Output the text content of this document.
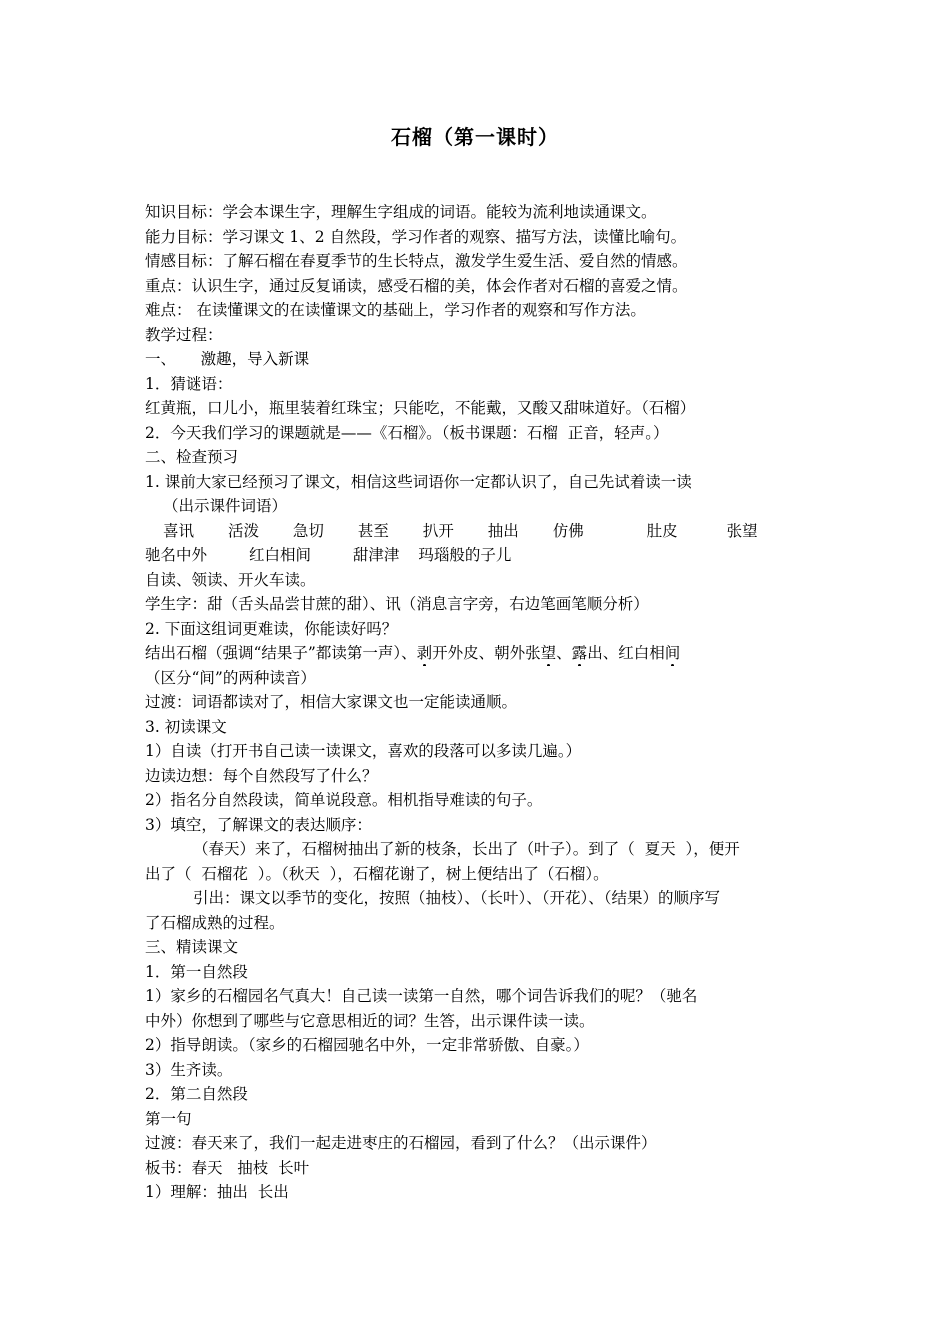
石榴（第一课时）
知识目标：学会本课生字，理解生字组成的词语。能较为流利地读通课文。
能力目标：学习课文 1、2 自然段，学习作者的观察、描写方法，读懂比喻句。
情感目标：了解石榴在春夏季节的生长特点，激发学生爱生活、爱自然的情感。
重点：认识生字，通过反复诵读，感受石榴的美，体会作者对石榴的喜爱之情。
难点： 在读懂课文的在读懂课文的基础上，学习作者的观察和写作方法。
教学过程：
一、     激趣，导入新课
1．猜谜语：
红黄瓶，口儿小，瓶里装着红珠宝；只能吃，不能戴，又酸又甜味道好。（石榴）
2．今天我们学习的课题就是——《石榴》。（板书课题：石榴  正音，轻声。）
二、检查预习
1. 课前大家已经预习了课文，相信这些词语你一定都认识了，自己先试着读一读
（出示课件词语）
喜讯 活泼 急切 甚至 扒开 抽出 仿佛	肚皮	张望
驰名中外	红白相间	甜津津 玛瑙般的子儿
自读、领读、开火车读。
学生字：甜（舌头品尝甘蔗的甜）、讯（消息言字旁，右边笔画笔顺分析）
2. 下面这组词更难读，你能读好吗？
结出石榴（强调“结果子”都读第一声）、剥开外皮、朝外张望、露出、红白相间
（区分“间”的两种读音）
过渡：词语都读对了，相信大家课文也一定能读通顺。
3. 初读课文
1）自读（打开书自己读一读课文，喜欢的段落可以多读几遍。）
边读边想：每个自然段写了什么？
2）指名分自然段读，简单说段意。相机指导难读的句子。
3）填空，了解课文的表达顺序：
（春天）来了，石榴树抽出了新的枝条，长出了（叶子）。到了（  夏天  ），便开
出了（  石榴花  ）。（秋天  ），石榴花谢了，树上便结出了（石榴）。
引出：课文以季节的变化，按照（抽枝）、（长叶）、（开花）、（结果）的顺序写
了石榴成熟的过程。
三、精读课文
1．第一自然段
1）家乡的石榴园名气真大！自己读一读第一自然，哪个词告诉我们的呢？（驰名
中外）你想到了哪些与它意思相近的词？生答，出示课件读一读。
2）指导朗读。（家乡的石榴园驰名中外，一定非常骄傲、自豪。）
3）生齐读。
2．第二自然段
第一句
过渡：春天来了，我们一起走进枣庄的石榴园，看到了什么？（出示课件）
板书：春天   抽枝  长叶
1）理解：抽出  长出
